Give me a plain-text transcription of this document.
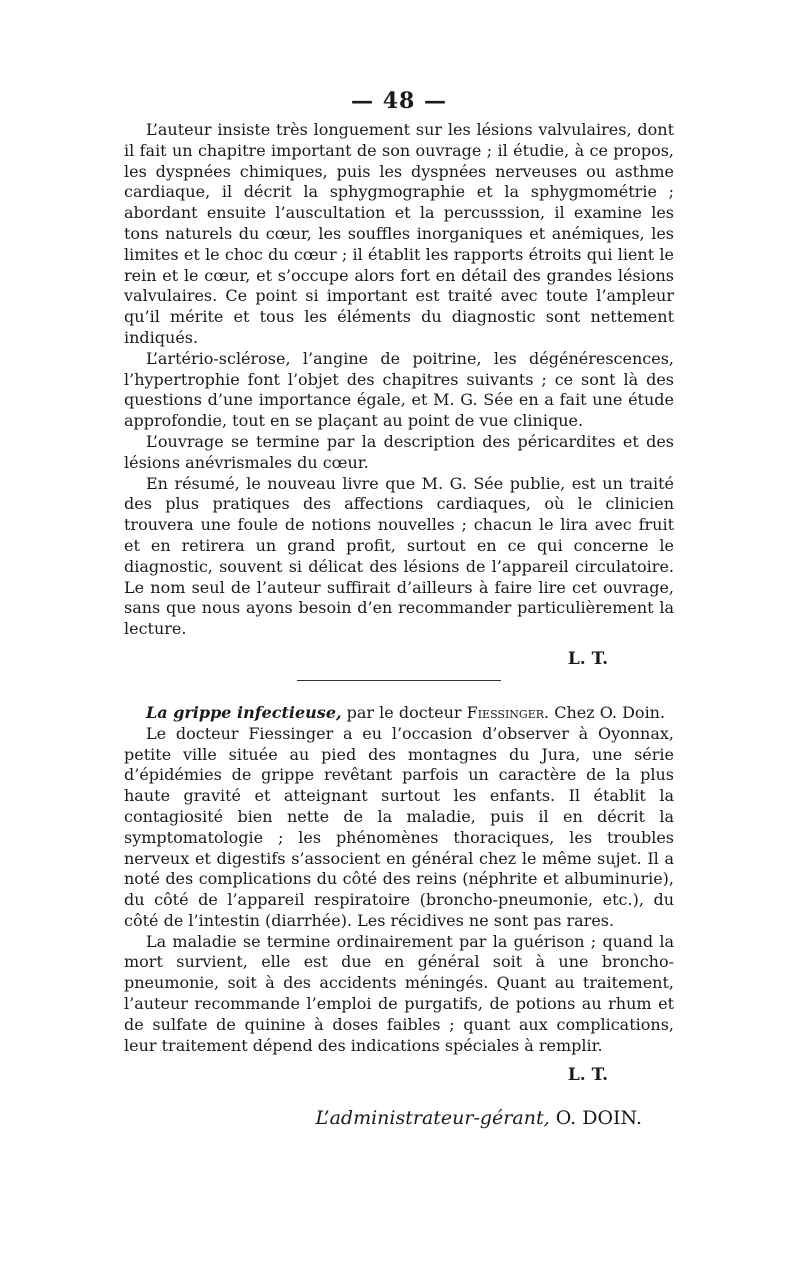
— 48 —

L’auteur insiste très longuement sur les lésions valvulaires, dont il fait un chapitre important de son ouvrage ; il étudie, à ce propos, les dyspnées chimiques, puis les dyspnées nerveuses ou asthme cardiaque, il décrit la sphygmographie et la sphygmométrie ; abordant ensuite l’auscultation et la percusssion, il examine les tons naturels du cœur, les souffles inorganiques et anémiques, les limites et le choc du cœur ; il établit les rapports étroits qui lient le rein et le cœur, et s’occupe alors fort en détail des grandes lésions valvulaires. Ce point si important est traité avec toute l’ampleur qu’il mérite et tous les éléments du diagnostic sont nettement indiqués.

L’artério-sclérose, l’angine de poitrine, les dégénérescences, l’hypertrophie font l’objet des chapitres suivants ; ce sont là des questions d’une importance égale, et M. G. Sée en a fait une étude approfondie, tout en se plaçant au point de vue clinique.

L’ouvrage se termine par la description des péricardites et des lésions anévrismales du cœur.

En résumé, le nouveau livre que M. G. Sée publie, est un traité des plus pratiques des affections cardiaques, où le clinicien trouvera une foule de notions nouvelles ; chacun le lira avec fruit et en retirera un grand profit, surtout en ce qui concerne le diagnostic, souvent si délicat des lésions de l’appareil circulatoire. Le nom seul de l’auteur suffirait d’ailleurs à faire lire cet ouvrage, sans que nous ayons besoin d’en recommander particulièrement la lecture.

L. T.

La grippe infectieuse, par le docteur Fiessinger. Chez O. Doin.

Le docteur Fiessinger a eu l’occasion d’observer à Oyonnax, petite ville située au pied des montagnes du Jura, une série d’épidémies de grippe revêtant parfois un caractère de la plus haute gravité et atteignant surtout les enfants. Il établit la contagiosité bien nette de la maladie, puis il en décrit la symptomatologie ; les phénomènes thoraciques, les troubles nerveux et digestifs s’associent en général chez le même sujet. Il a noté des complications du côté des reins (néphrite et albuminurie), du côté de l’appareil respiratoire (broncho-pneumonie, etc.), du côté de l’intestin (diarrhée). Les récidives ne sont pas rares.

La maladie se termine ordinairement par la guérison ; quand la mort survient, elle est due en général soit à une broncho-pneumonie, soit à des accidents méningés. Quant au traitement, l’auteur recommande l’emploi de purgatifs, de potions au rhum et de sulfate de quinine à doses faibles ; quant aux complications, leur traitement dépend des indications spéciales à remplir.

L. T.
L’administrateur-gérant, O. DOIN.
